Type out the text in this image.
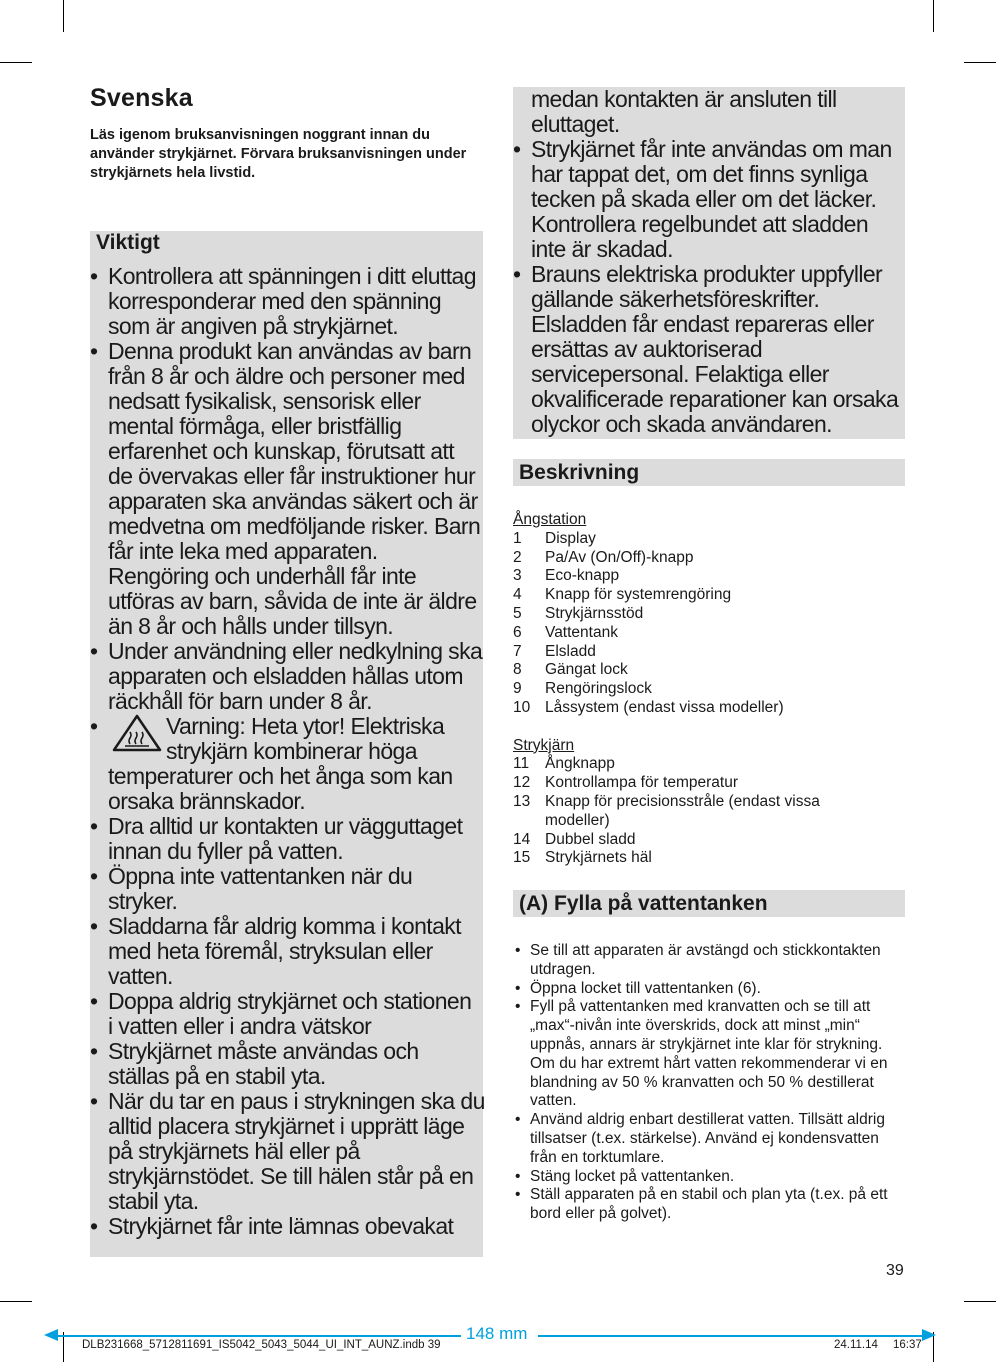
Svenska

Läs igenom bruksanvisningen noggrant innan du använder strykjärnet. Förvara bruksanvisningen under strykjärnets hela livstid.

Viktigt
• Kontrollera att spänningen i ditt eluttag
korresponderar med den spänning
som är angiven på strykjärnet.
• Denna produkt kan användas av barn
från 8 år och äldre och personer med
nedsatt fysikalisk, sensorisk eller
mental förmåga, eller bristfällig
erfarenhet och kunskap, förutsatt att
de övervakas eller får instruktioner hur
apparaten ska användas säkert och är
medvetna om medföljande risker. Barn
får inte leka med apparaten.
Rengöring och underhåll får inte
utföras av barn, såvida de inte är äldre
än 8 år och hålls under tillsyn.
• Under användning eller nedkylning ska
apparaten och elsladden hållas utom
räckhåll för barn under 8 år.
• Varning: Heta ytor! Elektriska
strykjärn kombinerar höga
temperaturer och het ånga som kan
orsaka brännskador.
• Dra alltid ur kontakten ur vägguttaget
innan du fyller på vatten.
• Öppna inte vattentanken när du
stryker.
• Sladdarna får aldrig komma i kontakt
med heta föremål, stryksulan eller
vatten.
• Doppa aldrig strykjärnet och stationen
i vatten eller i andra vätskor
• Strykjärnet måste användas och
ställas på en stabil yta.
• När du tar en paus i strykningen ska du
alltid placera strykjärnet i upprätt läge
på strykjärnets häl eller på
strykjärnstödet. Se till hälen står på en
stabil yta.
• Strykjärnet får inte lämnas obevakat
medan kontakten är ansluten till
eluttaget.
• Strykjärnet får inte användas om man
har tappat det, om det finns synliga
tecken på skada eller om det läcker.
Kontrollera regelbundet att sladden
inte är skadad.
• Brauns elektriska produkter uppfyller
gällande säkerhetsföreskrifter.
Elsladden får endast repareras eller
ersättas av auktoriserad
servicepersonal. Felaktiga eller
okvalificerade reparationer kan orsaka
olyckor och skada användaren.
Beskrivning
Ångstation
1	Display
2	Pa/Av (On/Off)-knapp
3	Eco-knapp
4	Knapp för systemrengöring
5	Strykjärnsstöd
6	Vattentank
7	Elsladd
8	Gängat lock
9	Rengöringslock
10 Låssystem (endast vissa modeller)
Strykjärn
11	Ångknapp
12 Kontrollampa för temperatur
13 Knapp för precisionsstråle (endast vissa modeller)
14 Dubbel sladd
15 Strykjärnets häl
(A) Fylla på vattentanken
• Se till att apparaten är avstängd och stickkontakten utdragen.
• Öppna locket till vattentanken (6).
• Fyll på vattentanken med kranvatten och se till att „max“-nivån inte överskrids, dock att minst „min“ uppnås, annars är strykjärnet inte klar för strykning. Om du har extremt hårt vatten rekommenderar vi en blandning av 50 % kranvatten och 50 % destillerat vatten.
• Använd aldrig enbart destillerat vatten. Tillsätt aldrig tillsatser (t.ex. stärkelse). Använd ej kondensvatten från en torktumlare.
• Stäng locket på vattentanken.
• Ställ apparaten på en stabil och plan yta (t.ex. på ett bord eller på golvet).
39
148 mm
DLB231668_5712811691_IS5042_5043_5044_UI_INT_AUNZ.indb 39	24.11.14 16:37
